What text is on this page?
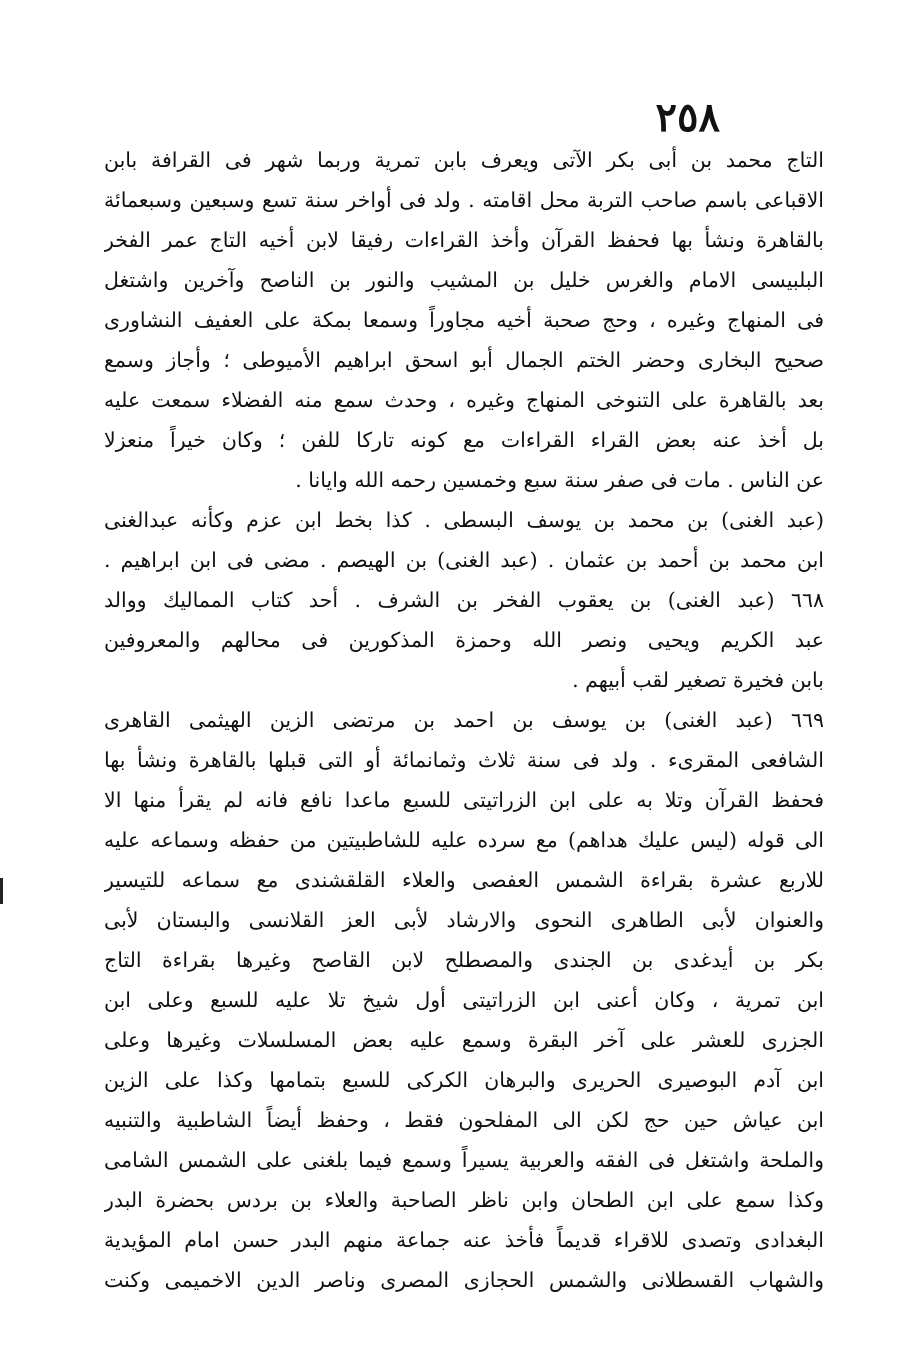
٢٥٨
التاج محمد بن أبى بكر الآتى ويعرف بابن تمرية وربما شهر فى القرافة بابن
الاقباعى باسم صاحب التربة محل اقامته . ولد فى أواخر سنة تسع وسبعين وسبعمائة
بالقاهرة ونشأ بها فحفظ القرآن وأخذ القراءات رفيقا لابن أخيه التاج عمر الفخر
البلبيسى الامام والغرس خليل بن المشيب والنور بن الناصح وآخرين واشتغل
فى المنهاج وغيره ، وحج صحبة أخيه مجاوراً وسمعا بمكة على العفيف النشاورى
صحيح البخارى وحضر الختم الجمال أبو اسحق ابراهيم الأميوطى ؛ وأجاز وسمع
بعد بالقاهرة على التنوخى المنهاج وغيره ، وحدث سمع منه الفضلاء سمعت عليه
بل أخذ عنه بعض القراء القراءات مع كونه تاركا للفن ؛ وكان خيراً منعزلا
عن الناس . مات فى صفر سنة سبع وخمسين رحمه الله وايانا .
(عبد الغنى) بن محمد بن يوسف البسطى . كذا بخط ابن عزم وكأنه عبدالغنى
ابن محمد بن أحمد بن عثمان . (عبد الغنى) بن الهيصم . مضى فى ابن ابراهيم .
٦٦٨ (عبد الغنى) بن يعقوب الفخر بن الشرف . أحد كتاب المماليك ووالد
عبد الكريم ويحيى ونصر الله وحمزة المذكورين فى محالهم والمعروفين
بابن فخيرة تصغير لقب أبيهم .
٦٦٩ (عبد الغنى) بن يوسف بن احمد بن مرتضى الزين الهيثمى القاهرى
الشافعى المقرىء . ولد فى سنة ثلاث وثمانمائة أو التى قبلها بالقاهرة ونشأ بها
فحفظ القرآن وتلا به على ابن الزراتيتى للسبع ماعدا نافع فانه لم يقرأ منها الا
الى قوله (ليس عليك هداهم) مع سرده عليه للشاطبيتين من حفظه وسماعه عليه
للاربع عشرة بقراءة الشمس العفصى والعلاء القلقشندى مع سماعه للتيسير
والعنوان لأبى الطاهرى النحوى والارشاد لأبى العز القلانسى والبستان لأبى
بكر بن أيدغدى بن الجندى والمصطلح لابن القاصح وغيرها بقراءة التاج
ابن تمرية ، وكان أعنى ابن الزراتيتى أول شيخ تلا عليه للسبع وعلى ابن
الجزرى للعشر على آخر البقرة وسمع عليه بعض المسلسلات وغيرها وعلى
ابن آدم البوصيرى الحريرى والبرهان الكركى للسبع بتمامها وكذا على الزين
ابن عياش حين حج لكن الى المفلحون فقط ، وحفظ أيضاً الشاطبية والتنبيه
والملحة واشتغل فى الفقه والعربية يسيراً وسمع فيما بلغنى على الشمس الشامى
وكذا سمع على ابن الطحان وابن ناظر الصاحبة والعلاء بن بردس بحضرة البدر
البغدادى وتصدى للاقراء قديماً فأخذ عنه جماعة منهم البدر حسن امام المؤيدية
والشهاب القسطلانى والشمس الحجازى المصرى وناصر الدين الاخميمى وكنت
